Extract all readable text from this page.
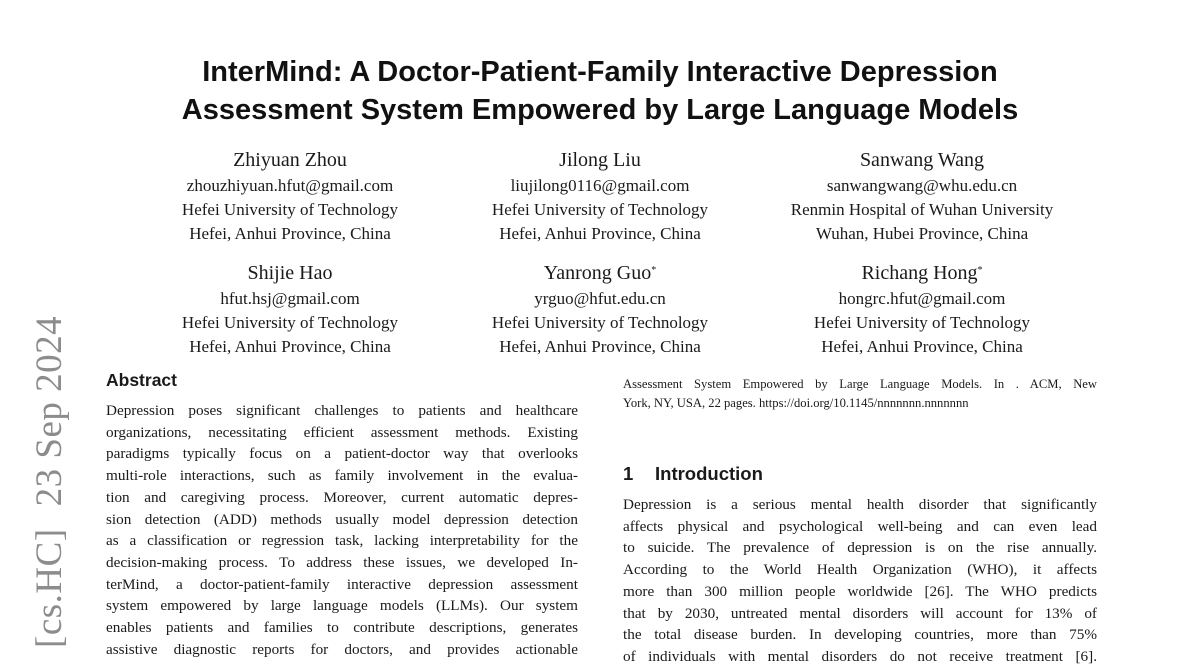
[cs.HC]23 Sep 2024
InterMind: A Doctor-Patient-Family Interactive Depression
Assessment System Empowered by Large Language Models
Zhiyuan Zhou
zhouzhiyuan.hfut@gmail.com
Hefei University of Technology
Hefei, Anhui Province, China
Jilong Liu
liujilong0116@gmail.com
Hefei University of Technology
Hefei, Anhui Province, China
Sanwang Wang
sanwangwang@whu.edu.cn
Renmin Hospital of Wuhan University
Wuhan, Hubei Province, China
Shijie Hao
hfut.hsj@gmail.com
Hefei University of Technology
Hefei, Anhui Province, China
Yanrong Guo*
yrguo@hfut.edu.cn
Hefei University of Technology
Hefei, Anhui Province, China
Richang Hong*
hongrc.hfut@gmail.com
Hefei University of Technology
Hefei, Anhui Province, China
Abstract
Depression poses significant challenges to patients and healthcare
organizations, necessitating efficient assessment methods. Existing
paradigms typically focus on a patient-doctor way that overlooks
multi-role interactions, such as family involvement in the evalua-
tion and caregiving process. Moreover, current automatic depres-
sion detection (ADD) methods usually model depression detection
as a classification or regression task, lacking interpretability for the
decision-making process. To address these issues, we developed In-
terMind, a doctor-patient-family interactive depression assessment
system empowered by large language models (LLMs). Our system
enables patients and families to contribute descriptions, generates
assistive diagnostic reports for doctors, and provides actionable
Assessment System Empowered by Large Language Models. In . ACM, New
York, NY, USA, 22 pages. https://doi.org/10.1145/nnnnnnn.nnnnnnn
1 Introduction
Depression is a serious mental health disorder that significantly
affects physical and psychological well-being and can even lead
to suicide. The prevalence of depression is on the rise annually.
According to the World Health Organization (WHO), it affects
more than 300 million people worldwide [26]. The WHO predicts
that by 2030, untreated mental disorders will account for 13% of
the total disease burden. In developing countries, more than 75%
of individuals with mental disorders do not receive treatment [6].
